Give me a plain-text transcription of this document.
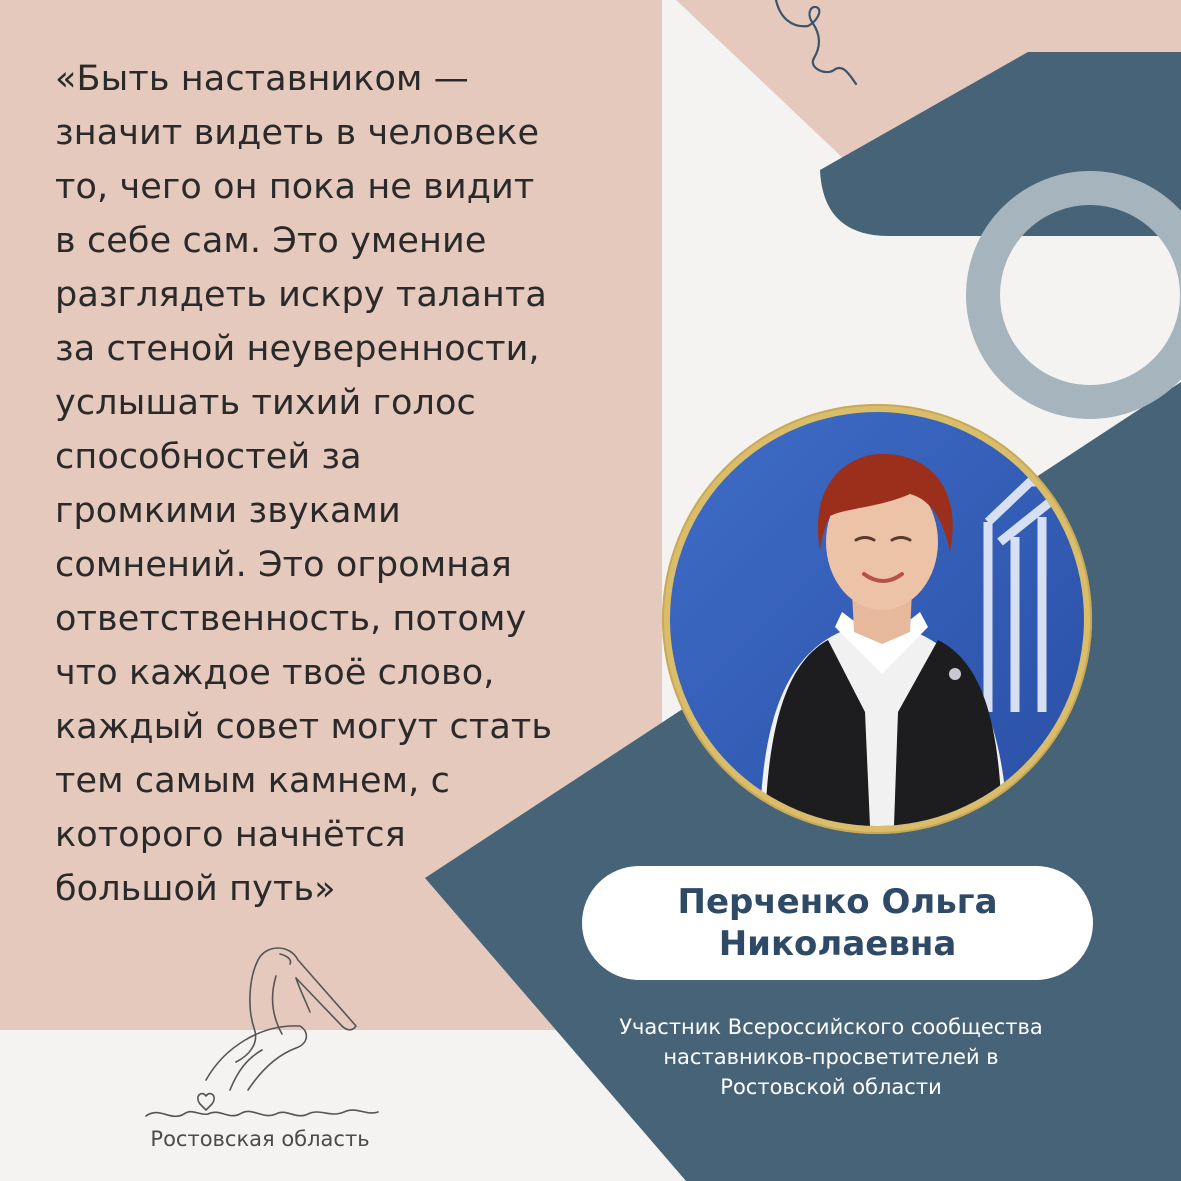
«Быть наставником —
значит видеть в человеке
то, чего он пока не видит
в себе сам. Это умение
разглядеть искру таланта
за стеной неуверенности,
услышать тихий голос
способностей за
громкими звуками
сомнений. Это огромная
ответственность, потому
что каждое твоё слово,
каждый совет могут стать
тем самым камнем, с
которого начнётся
большой путь»	Перченко Ольга
Николаевна
Участник Всероссийского сообщества
наставников-просветителей в
Ростовской области
Ростовская область
